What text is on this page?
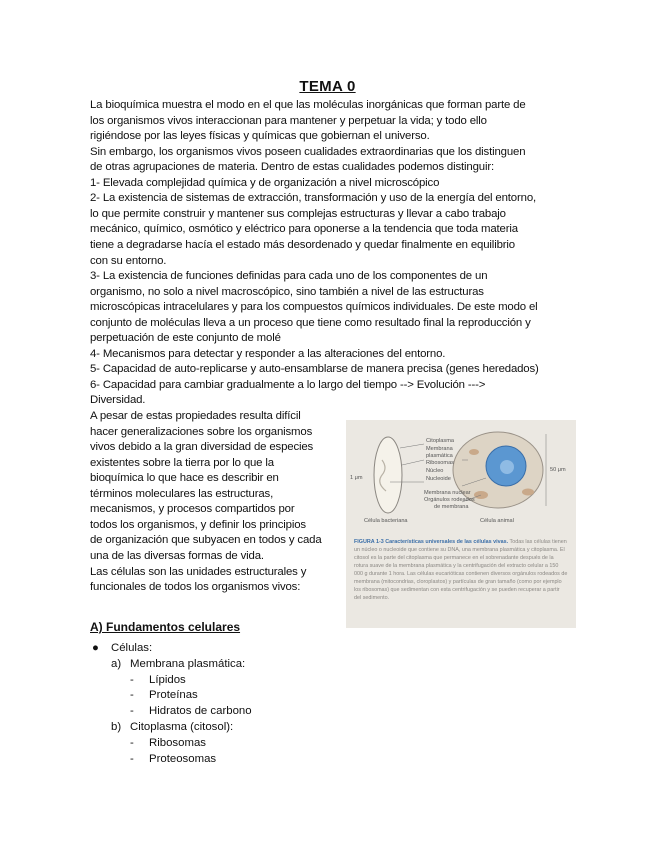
TEMA 0
La bioquímica muestra el modo en el que las moléculas inorgánicas que forman parte de
los organismos vivos interaccionan para mantener y perpetuar la vida; y todo ello
rigiéndose por las leyes físicas y químicas que gobiernan el universo.
Sin embargo, los organismos vivos poseen cualidades extraordinarias que los distinguen
de otras agrupaciones de materia. Dentro de estas cualidades podemos distinguir:
1- Elevada complejidad química y de organización a nivel microscópico
2- La existencia de sistemas de extracción, transformación y uso de la energía del entorno,
lo que permite construir y mantener sus complejas estructuras y llevar a cabo trabajo
mecánico, químico, osmótico y eléctrico para oponerse a la tendencia que toda materia
tiene a degradarse hacía el estado más desordenado y quedar finalmente en equilibrio
con su entorno.
3- La existencia de funciones definidas para cada uno de los componentes de un
organismo, no solo a nivel macroscópico, sino también a nivel de las estructuras
microscópicas intracelulares y para los compuestos químicos individuales. De este modo el
conjunto de moléculas lleva a un proceso que tiene como resultado final la reproducción y
perpetuación de este conjunto de molé
4- Mecanismos para detectar y responder a las alteraciones del entorno.
5- Capacidad de auto-replicarse y auto-ensamblarse de manera precisa (genes heredados)
6- Capacidad para cambiar gradualmente a lo largo del tiempo --> Evolución --->
Diversidad.
A pesar de estas propiedades resulta difícil
hacer generalizaciones sobre los organismos
vivos debido a la gran diversidad de especies
existentes sobre la tierra por lo que la
bioquímica lo que hace es describir en
términos moleculares las estructuras,
mecanismos, y procesos compartidos por
todos los organismos, y definir los principios
de organización que subyacen en todos y cada
una de las diversas formas de vida.
Las células son las unidades estructurales y
funcionales de todos los organismos vivos:
A) Fundamentos celulares
● Células:
a) Membrana plasmática:
- Lípidos
- Proteínas
- Hidratos de carbono
b) Citoplasma (citosol):
- Ribosomas
- Proteosomas
Citoplasma
Membrana
plasmática
Ribosomas
Núcleo
Nucleoide
Membrana nuclear
Orgánulos rodeados
de membrana
1 μm
50 μm
Célula bacteriana	Célula animal
FIGURA 1-3 Características universales de las células vivas. Todas las células tienen un núcleo o nucleoide que contiene su DNA, una membrana plasmática y citoplasma. El citosol es la parte del citoplasma que permanece en el sobrenadante después de la rotura suave de la membrana plasmática y la centrifugación del extracto celular a 150 000 g durante 1 hora. Las células eucarióticas contienen diversos orgánulos rodeados de membrana (mitocondrias, cloroplastos) y partículas de gran tamaño (como por ejemplo los ribosomas) que sedimentan con esta centrifugación y se pueden recuperar a partir del sedimento.
